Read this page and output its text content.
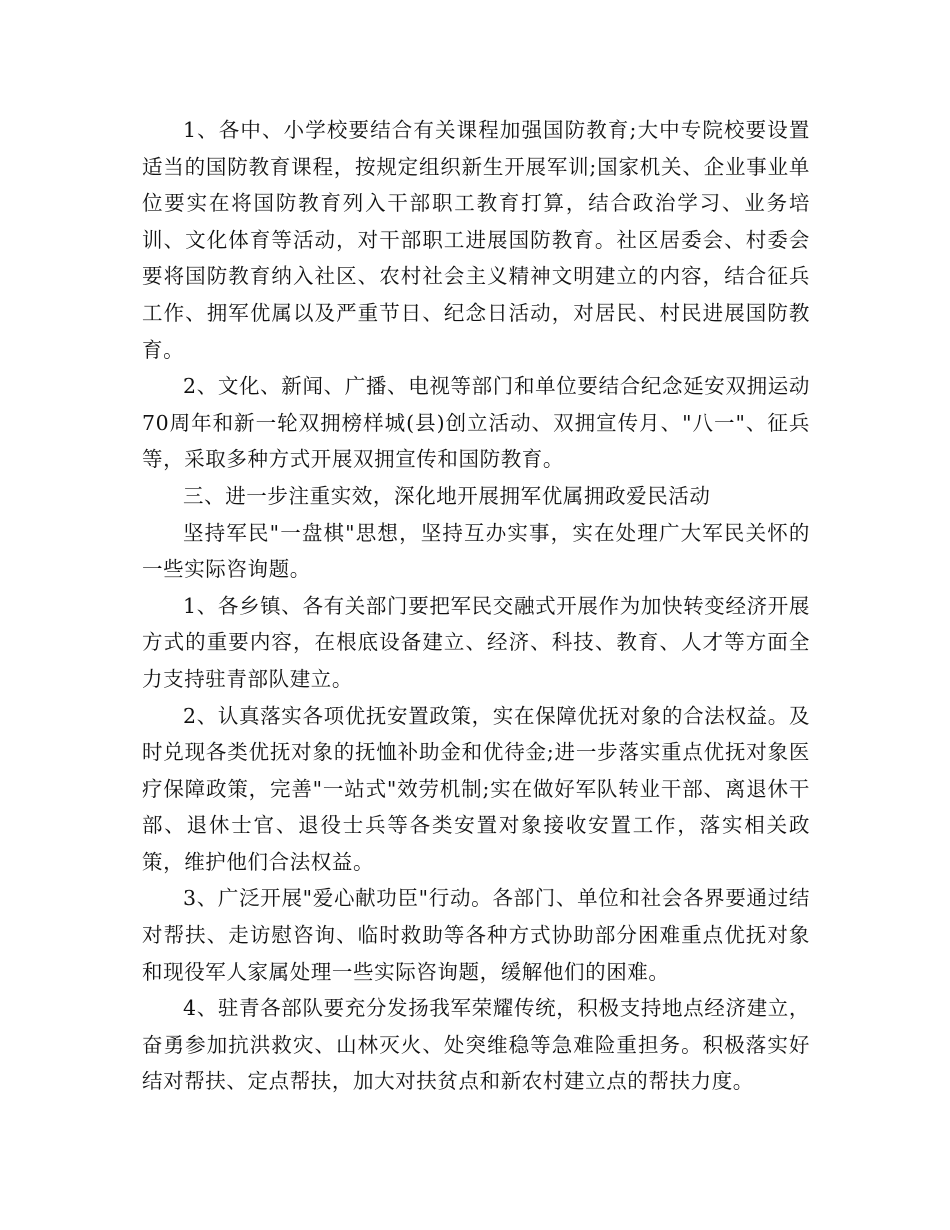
1、各中、小学校要结合有关课程加强国防教育;大中专院校要设置适当的国防教育课程，按规定组织新生开展军训;国家机关、企业事业单位要实在将国防教育列入干部职工教育打算，结合政治学习、业务培训、文化体育等活动，对干部职工进展国防教育。社区居委会、村委会要将国防教育纳入社区、农村社会主义精神文明建立的内容，结合征兵工作、拥军优属以及严重节日、纪念日活动，对居民、村民进展国防教育。

2、文化、新闻、广播、电视等部门和单位要结合纪念延安双拥运动70周年和新一轮双拥榜样城(县)创立活动、双拥宣传月、"八一"、征兵等，采取多种方式开展双拥宣传和国防教育。

三、进一步注重实效，深化地开展拥军优属拥政爱民活动

坚持军民"一盘棋"思想，坚持互办实事，实在处理广大军民关怀的一些实际咨询题。

1、各乡镇、各有关部门要把军民交融式开展作为加快转变经济开展方式的重要内容，在根底设备建立、经济、科技、教育、人才等方面全力支持驻青部队建立。

2、认真落实各项优抚安置政策，实在保障优抚对象的合法权益。及时兑现各类优抚对象的抚恤补助金和优待金;进一步落实重点优抚对象医疗保障政策，完善"一站式"效劳机制;实在做好军队转业干部、离退休干部、退休士官、退役士兵等各类安置对象接收安置工作，落实相关政策，维护他们合法权益。

3、广泛开展"爱心献功臣"行动。各部门、单位和社会各界要通过结对帮扶、走访慰咨询、临时救助等各种方式协助部分困难重点优抚对象和现役军人家属处理一些实际咨询题，缓解他们的困难。

4、驻青各部队要充分发扬我军荣耀传统，积极支持地点经济建立，奋勇参加抗洪救灾、山林灭火、处突维稳等急难险重担务。积极落实好结对帮扶、定点帮扶，加大对扶贫点和新农村建立点的帮扶力度。
